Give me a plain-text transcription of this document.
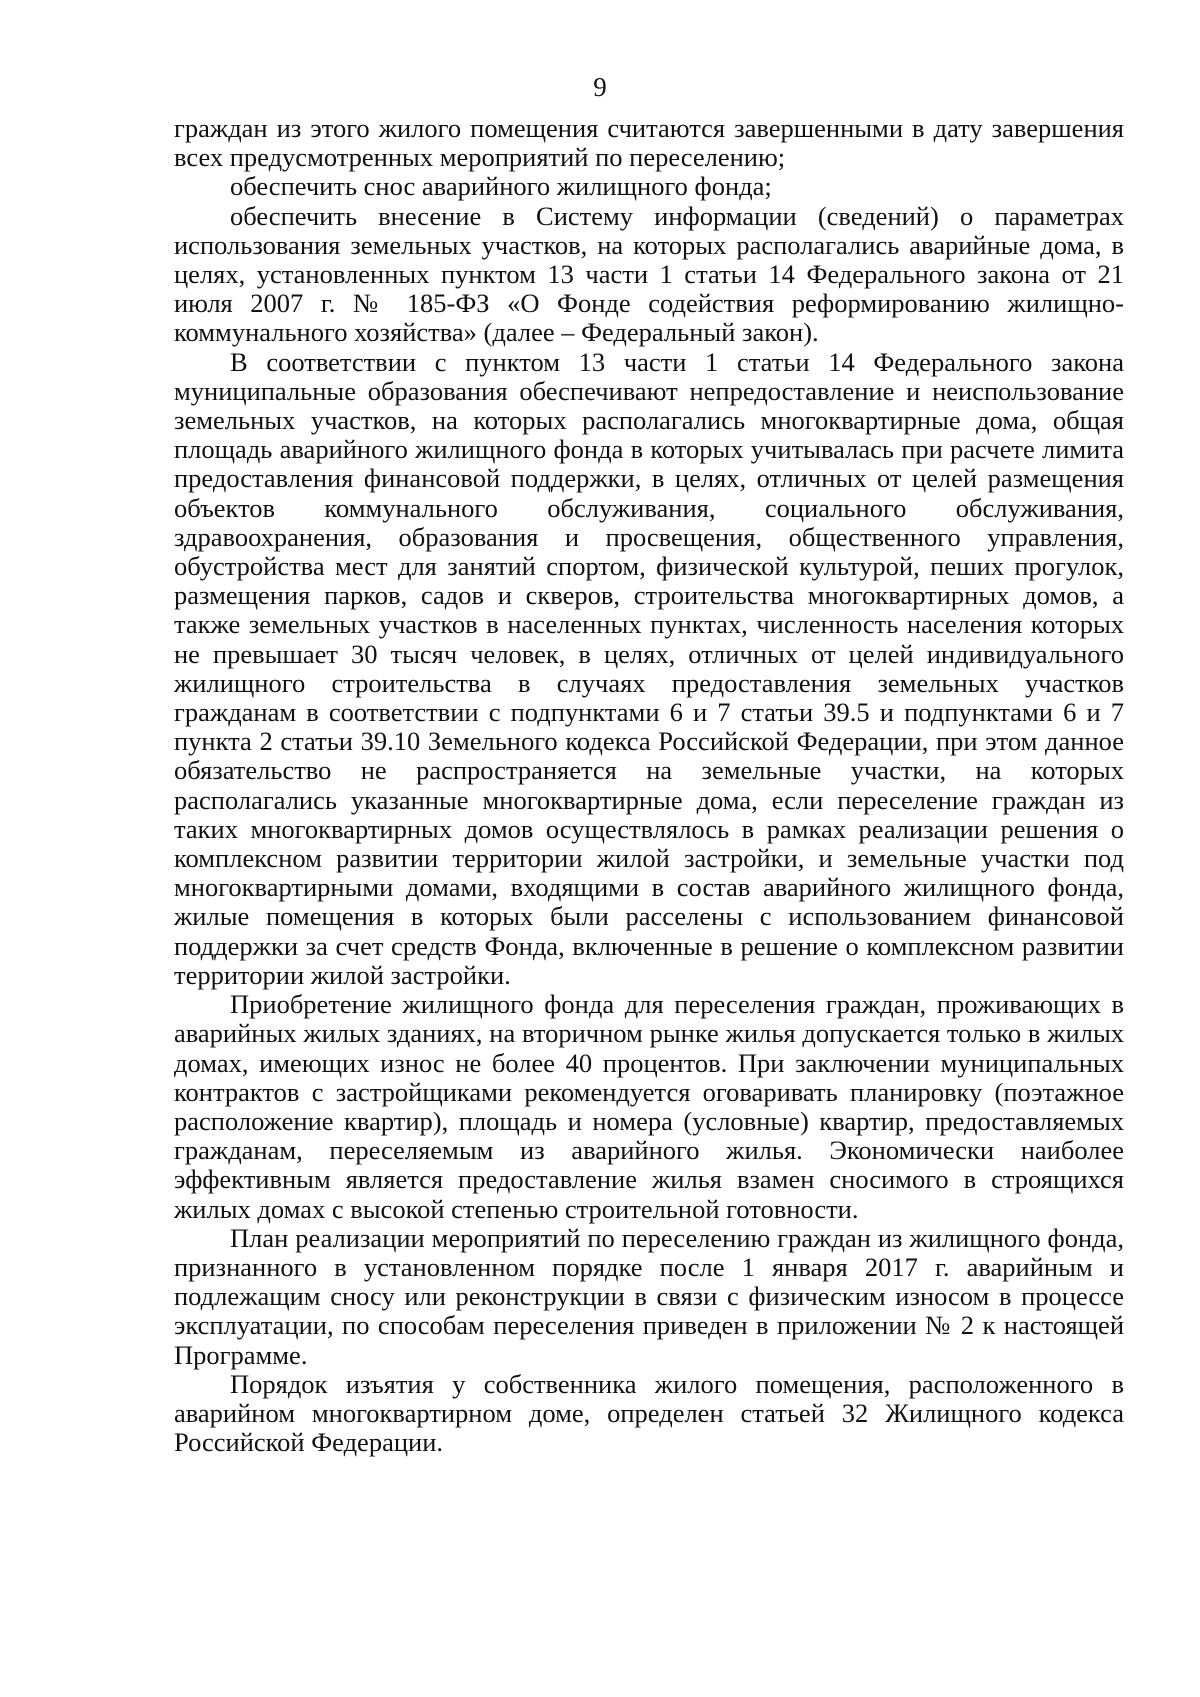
9

граждан из этого жилого помещения считаются завершенными в дату завершения всех предусмотренных мероприятий по переселению;

обеспечить снос аварийного жилищного фонда;

обеспечить внесение в Систему информации (сведений) о параметрах использования земельных участков, на которых располагались аварийные дома, в целях, установленных пунктом 13 части 1 статьи 14 Федерального закона от 21 июля 2007 г. № 185-ФЗ «О Фонде содействия реформированию жилищно-коммунального хозяйства» (далее – Федеральный закон).

В соответствии с пунктом 13 части 1 статьи 14 Федерального закона муниципальные образования обеспечивают непредоставление и неиспользование земельных участков, на которых располагались многоквартирные дома, общая площадь аварийного жилищного фонда в которых учитывалась при расчете лимита предоставления финансовой поддержки, в целях, отличных от целей размещения объектов коммунального обслуживания, социального обслуживания, здравоохранения, образования и просвещения, общественного управления, обустройства мест для занятий спортом, физической культурой, пеших прогулок, размещения парков, садов и скверов, строительства многоквартирных домов, а также земельных участков в населенных пунктах, численность населения которых не превышает 30 тысяч человек, в целях, отличных от целей индивидуального жилищного строительства в случаях предоставления земельных участков гражданам в соответствии с подпунктами 6 и 7 статьи 39.5 и подпунктами 6 и 7 пункта 2 статьи 39.10 Земельного кодекса Российской Федерации, при этом данное обязательство не распространяется на земельные участки, на которых располагались указанные многоквартирные дома, если переселение граждан из таких многоквартирных домов осуществлялось в рамках реализации решения о комплексном развитии территории жилой застройки, и земельные участки под многоквартирными домами, входящими в состав аварийного жилищного фонда, жилые помещения в которых были расселены с использованием финансовой поддержки за счет средств Фонда, включенные в решение о комплексном развитии территории жилой застройки.

Приобретение жилищного фонда для переселения граждан, проживающих в аварийных жилых зданиях, на вторичном рынке жилья допускается только в жилых домах, имеющих износ не более 40 процентов. При заключении муниципальных контрактов с застройщиками рекомендуется оговаривать планировку (поэтажное расположение квартир), площадь и номера (условные) квартир, предоставляемых гражданам, переселяемым из аварийного жилья. Экономически наиболее эффективным является предоставление жилья взамен сносимого в строящихся жилых домах с высокой степенью строительной готовности.

План реализации мероприятий по переселению граждан из жилищного фонда, признанного в установленном порядке после 1 января 2017 г. аварийным и подлежащим сносу или реконструкции в связи с физическим износом в процессе эксплуатации, по способам переселения приведен в приложении № 2 к настоящей Программе.

Порядок изъятия у собственника жилого помещения, расположенного в аварийном многоквартирном доме, определен статьей 32 Жилищного кодекса Российской Федерации.
